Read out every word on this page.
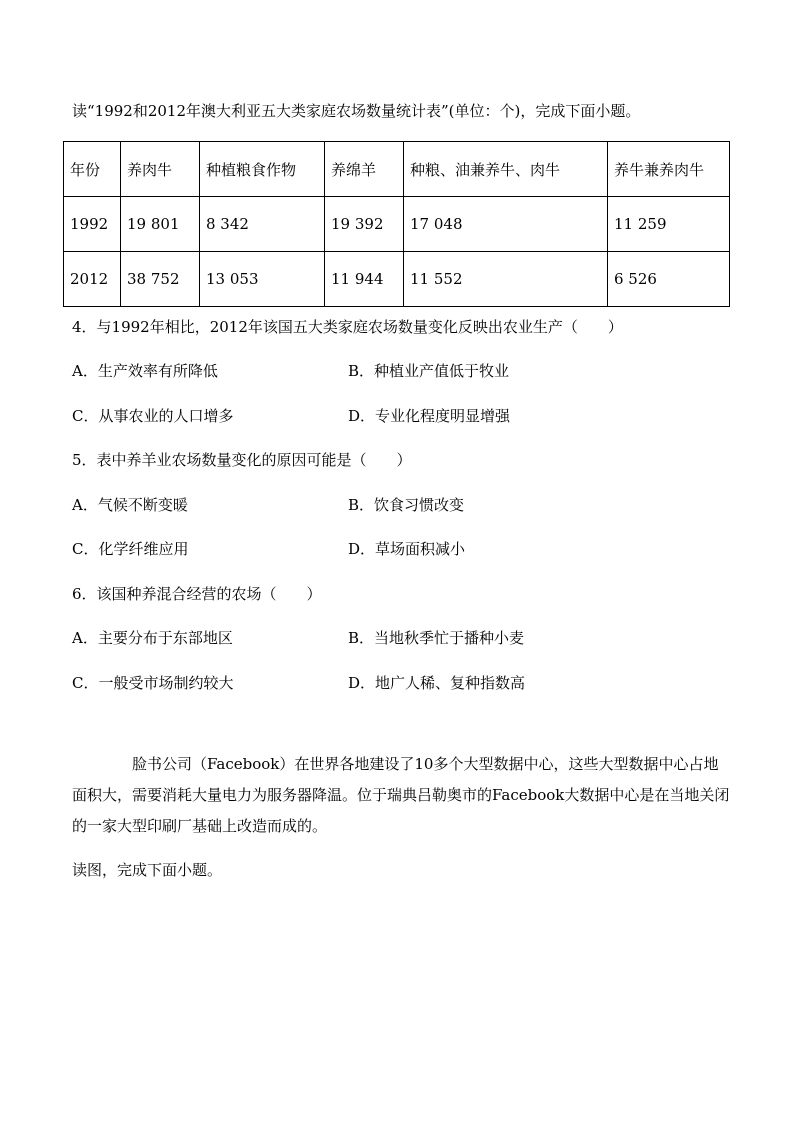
读“1992和2012年澳大利亚五大类家庭农场数量统计表”(单位：个)，完成下面小题。
年份	养肉牛	种植粮食作物	养绵羊	种粮、油兼养牛、肉牛	养牛兼养肉牛
1992	19 801	8 342	19 392	17 048	11 259
2012	38 752	13 053	11 944	11 552	6 526
4．与1992年相比，2012年该国五大类家庭农场数量变化反映出农业生产（　　）
A．生产效率有所降低	B．种植业产值低于牧业
C．从事农业的人口增多	D．专业化程度明显增强
5．表中养羊业农场数量变化的原因可能是（　　）
A．气候不断变暖	B．饮食习惯改变
C．化学纤维应用	D．草场面积减小
6．该国种养混合经营的农场（　　）
A．主要分布于东部地区	B．当地秋季忙于播种小麦
C．一般受市场制约较大	D．地广人稀、复种指数高

脸书公司（Facebook）在世界各地建设了10多个大型数据中心，这些大型数据中心占地面积大，需要消耗大量电力为服务器降温。位于瑞典吕勒奥市的Facebook大数据中心是在当地关闭的一家大型印刷厂基础上改造而成的。

读图，完成下面小题。
